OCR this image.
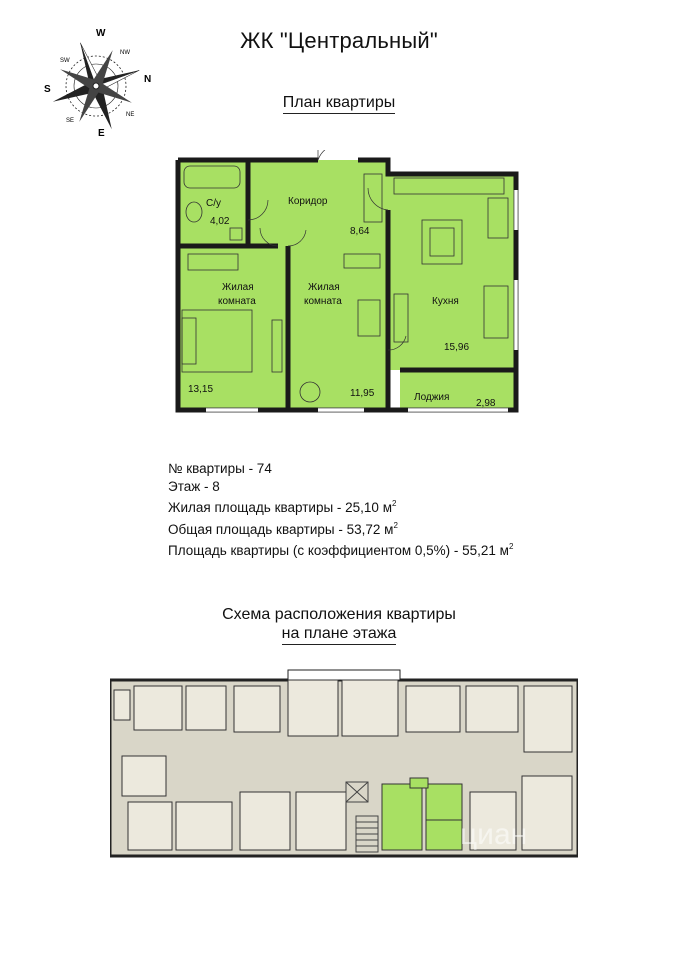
ЖК "Центральный"
W
N
S
E
NW
SW
NE
SE
План квартиры
С/у
4,02
Коридор
8,64
Жилая
комната
13,15
Жилая
комната
11,95
Кухня
15,96
Лоджия
2,98
№ квартиры - 74
Этаж - 8
Жилая площадь квартиры - 25,10 $м^2$
Общая площадь квартиры - 53,72 $м^2$
Площадь квартиры (с коэффициентом 0,5%) - 55,21 $м^2$
Схема расположения квартиры
на плане этажа
циан
